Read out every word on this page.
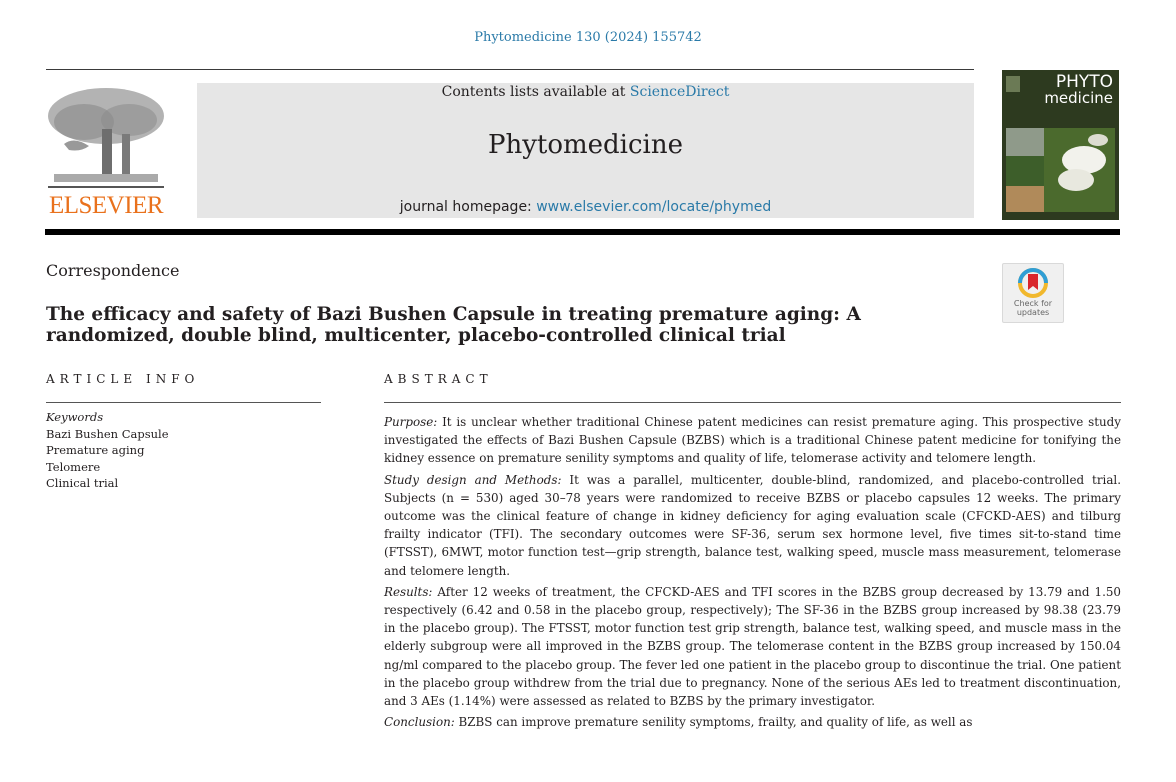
Phytomedicine 130 (2024) 155742
ELSEVIER
Contents lists available at ScienceDirect
Phytomedicine
journal homepage: www.elsevier.com/locate/phymed
PHYTO
medicine
Correspondence
The efficacy and safety of Bazi Bushen Capsule in treating premature aging: A randomized, double blind, multicenter, placebo-controlled clinical trial
Check for updates
ARTICLE INFO	ABSTRACT
Keywords
Bazi Bushen Capsule
Premature aging
Telomere
Clinical trial

Purpose: It is unclear whether traditional Chinese patent medicines can resist premature aging. This prospective study investigated the effects of Bazi Bushen Capsule (BZBS) which is a traditional Chinese patent medicine for tonifying the kidney essence on premature senility symptoms and quality of life, telomerase activity and telomere length.

Study design and Methods: It was a parallel, multicenter, double-blind, randomized, and placebo-controlled trial. Subjects (n = 530) aged 30–78 years were randomized to receive BZBS or placebo capsules 12 weeks. The primary outcome was the clinical feature of change in kidney deficiency for aging evaluation scale (CFCKD-AES) and tilburg frailty indicator (TFI). The secondary outcomes were SF-36, serum sex hormone level, five times sit-to-stand time (FTSST), 6MWT, motor function test—grip strength, balance test, walking speed, muscle mass measurement, telomerase and telomere length.

Results: After 12 weeks of treatment, the CFCKD-AES and TFI scores in the BZBS group decreased by 13.79 and 1.50 respectively (6.42 and 0.58 in the placebo group, respectively); The SF-36 in the BZBS group increased by 98.38 (23.79 in the placebo group). The FTSST, motor function test grip strength, balance test, walking speed, and muscle mass in the elderly subgroup were all improved in the BZBS group. The telomerase content in the BZBS group increased by 150.04 ng/ml compared to the placebo group. The fever led one patient in the placebo group to discontinue the trial. One patient in the placebo group withdrew from the trial due to pregnancy. None of the serious AEs led to treatment discontinuation, and 3 AEs (1.14%) were assessed as related to BZBS by the primary investigator.

Conclusion: BZBS can improve premature senility symptoms, frailty, and quality of life, as well as
